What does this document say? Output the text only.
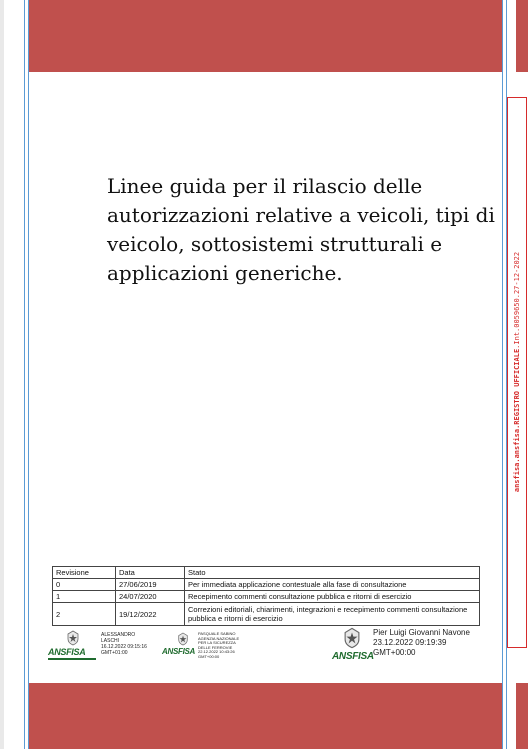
Linee guida per il rilascio delle
autorizzazioni relative a veicoli, tipi di
veicolo, sottosistemi strutturali e
applicazioni generiche.
ansfisa.ansfisa.REGISTRO UFFICIALE.Int.0059650.27-12-2022
Revisione	Data	Stato
0	27/06/2019	Per immediata applicazione contestuale alla fase di consultazione
1	24/07/2020	Recepimento commenti consultazione pubblica e ritorni di esercizio
2	19/12/2022	Correzioni editoriali, chiarimenti, integrazioni e recepimento commenti consultazione pubblica e ritorni di esercizio
ANSFISA
ALESSANDRO
LASCHI
16.12.2022 09:15:16
GMT+01:00	ANSFISA
PASQUALE SABINO
AGENZIA NAZIONALE
PER LA SICUREZZA
DELLE FERROVIE
22.12.2022 10:43:26
GMT+00:00	ANSFISA
Pier Luigi Giovanni Navone
23.12.2022 09:19:39
GMT+00:00
